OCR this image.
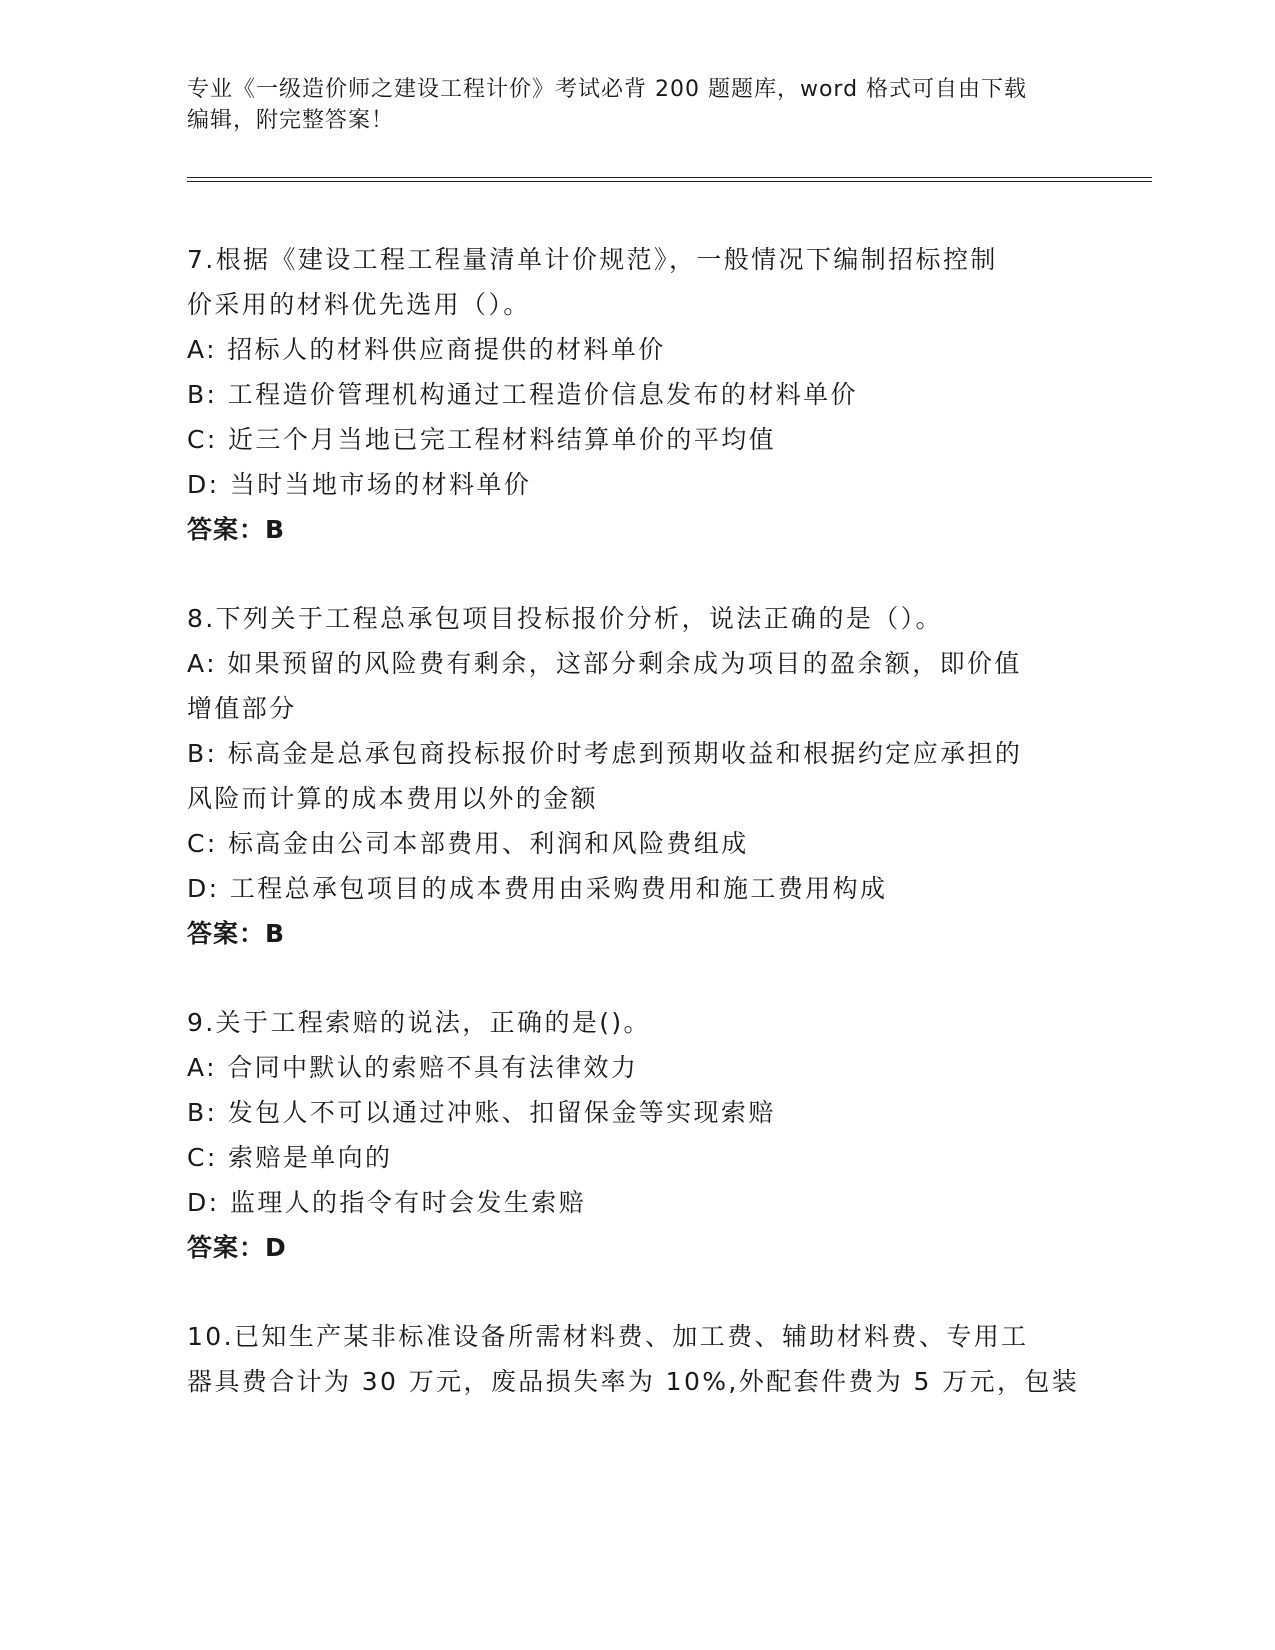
专业《一级造价师之建设工程计价》考试必背 200 题题库，word 格式可自由下载
编辑，附完整答案！
7.根据《建设工程工程量清单计价规范》，一般情况下编制招标控制
价采用的材料优先选用（）。
A: 招标人的材料供应商提供的材料单价
B: 工程造价管理机构通过工程造价信息发布的材料单价
C: 近三个月当地已完工程材料结算单价的平均值
D: 当时当地市场的材料单价
答案：B
8.下列关于工程总承包项目投标报价分析，说法正确的是（）。
A: 如果预留的风险费有剩余，这部分剩余成为项目的盈余额，即价值
增值部分
B: 标高金是总承包商投标报价时考虑到预期收益和根据约定应承担的
风险而计算的成本费用以外的金额
C: 标高金由公司本部费用、利润和风险费组成
D: 工程总承包项目的成本费用由采购费用和施工费用构成
答案：B
9.关于工程索赔的说法，正确的是()。
A: 合同中默认的索赔不具有法律效力
B: 发包人不可以通过冲账、扣留保金等实现索赔
C: 索赔是单向的
D: 监理人的指令有时会发生索赔
答案：D
10.已知生产某非标准设备所需材料费、加工费、辅助材料费、专用工
器具费合计为 30 万元，废品损失率为 10%,外配套件费为 5 万元，包装
